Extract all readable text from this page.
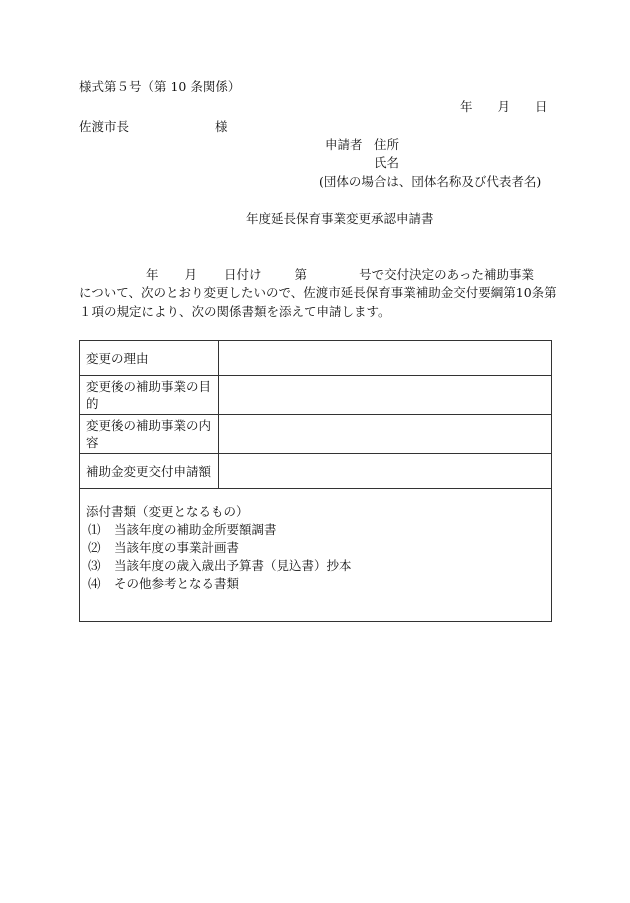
様式第５号（第 10 条関係）
年 月 日
佐渡市長	様
申請者 住所
氏名
(団体の場合は、団体名称及び代表者名)
年度延長保育事業変更承認申請書
年 月 日付け	第	号で交付決定のあった補助事業
について、次のとおり変更したいので、佐渡市延長保育事業補助金交付要綱第10条第
１項の規定により、次の関係書類を添えて申請します。
変更の理由	
変更後の補助事業の目的	
変更後の補助事業の内容	
補助金変更交付申請額	

添付書類（変更となるもの）
⑴ 当該年度の補助金所要額調書
⑵ 当該年度の事業計画書
⑶ 当該年度の歳入歳出予算書（見込書）抄本
⑷ その他参考となる書類	
